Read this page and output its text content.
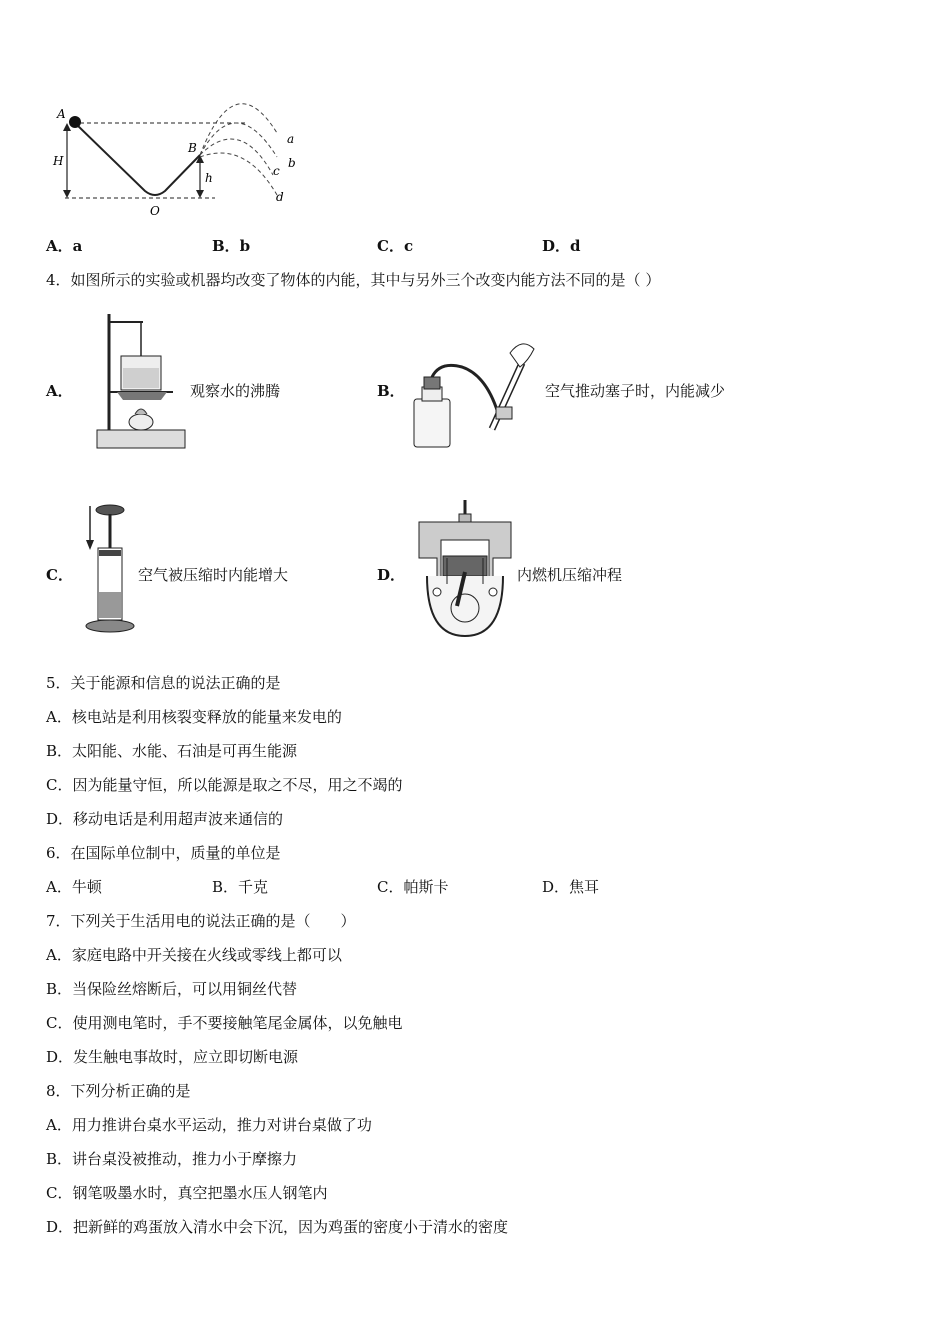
A
B
O
H
h
a
b
c
d
A．a	B．b	C．c	D．d
4．如图所示的实验或机器均改变了物体的内能，其中与另外三个改变内能方法不同的是（ ）
A．	观察水的沸腾	B．	空气推动塞子时，内能减少
C．	空气被压缩时内能增大	D．	内燃机压缩冲程
5．关于能源和信息的说法正确的是
A．核电站是利用核裂变释放的能量来发电的
B．太阳能、水能、石油是可再生能源
C．因为能量守恒，所以能源是取之不尽，用之不竭的
D．移动电话是利用超声波来通信的
6．在国际单位制中，质量的单位是
A．牛顿	B．千克	C．帕斯卡	D．焦耳
7．下列关于生活用电的说法正确的是（　　）
A．家庭电路中开关接在火线或零线上都可以
B．当保险丝熔断后，可以用铜丝代替
C．使用测电笔时，手不要接触笔尾金属体，以免触电
D．发生触电事故时，应立即切断电源
8．下列分析正确的是
A．用力推讲台桌水平运动，推力对讲台桌做了功
B．讲台桌没被推动，推力小于摩擦力
C．钢笔吸墨水时，真空把墨水压人钢笔内
D．把新鲜的鸡蛋放入清水中会下沉，因为鸡蛋的密度小于清水的密度
